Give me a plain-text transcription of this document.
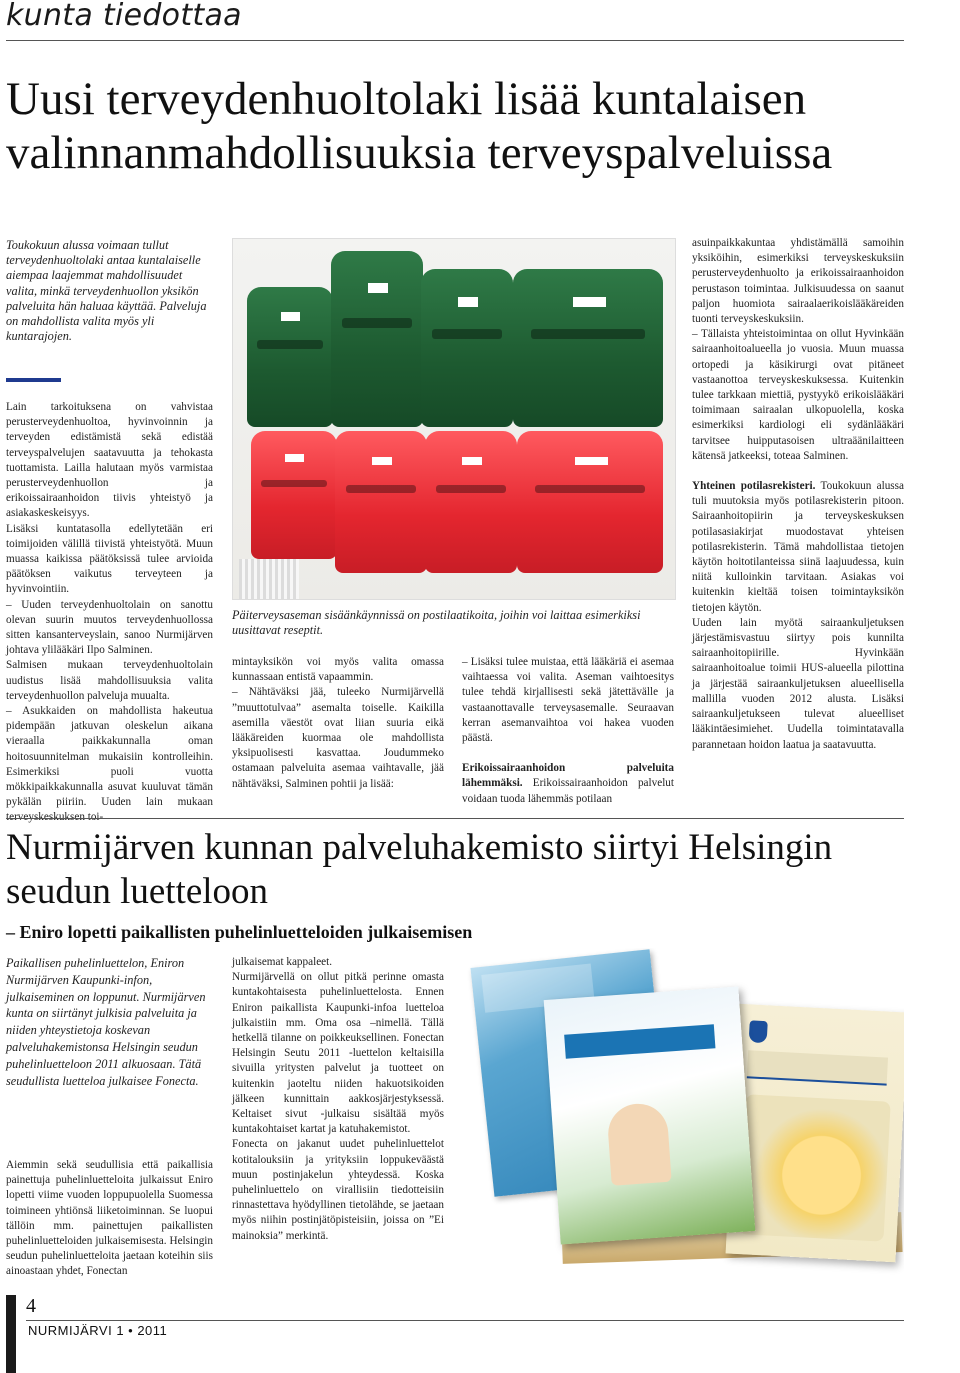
kunta tiedottaa
Uusi terveydenhuoltolaki lisää kuntalaisen valinnanmahdollisuuksia terveyspalveluissa
Toukokuun alussa voimaan tullut terveydenhuoltolaki antaa kuntalaiselle aiempaa laajemmat mahdollisuudet valita, minkä terveydenhuollon yksikön palveluita hän haluaa käyttää. Palveluja on mahdollista valita myös yli kuntarajojen.

Lain tarkoituksena on vahvistaa perusterveydenhuoltoa, hyvinvoinnin ja terveyden edistämistä sekä edistää terveyspalvelujen saatavuutta ja tehokasta tuottamista. Laillа halutaan myös varmistaa perusterveydenhuollon ja erikoissairaanhoidon tiivis yhteistyö ja asiakaskeskeisyys.

Lisäksi kuntatasolla edellytetään eri toimijoiden välillä tiivistä yhteistyötä. Muun muassa kaikissa päätöksissä tulee arvioida päätöksen vaikutus terveyteen ja hyvinvointiin.

– Uuden terveydenhuoltolain on sanottu olevan suurin muutos terveydenhuollossa sitten kansanterveyslain, sanoo Nurmijärven johtava ylilääkäri Ilpo Salminen.

Salmisen mukaan terveydenhuoltolain uudistus lisää mahdollisuuksia valita terveydenhuollon palveluja muualta.

– Asukkaiden on mahdollista hakeutua pidempään jatkuvan oleskelun aikana vieraalla paikkakunnalla oman hoitosuunnitelman mukaisiin kontrolleihin. Esimerkiksi puoli vuotta mökkipaikkakunnalla asuvat kuuluvat tämän pykälän piiriin. Uuden lain mukaan

Päiterveysaseman sisäänkäynnissä on postilaatikoita, joihin voi laittaa esimerkiksi uusittavat reseptit.

mintayksikön voi myös valita omassa kunnassaan entistä vapaammin.

– Nähtäväksi jää, tuleeko Nurmijärvellä ”muuttotulvaa” asemalta toiselle. Kaikilla asemilla väestöt ovat liian suuria eikä lääkäreiden kuormaa ole mahdollista yksipuolisesti kasvattaa. Joudummeko ostamaan palveluita asemaa vaihtavalle, jää nähtäväksi, Salminen pohtii ja lisää:

– Lisäksi tulee muistaa, että lääkäriä ei asemaa vaihtaessa voi valita. Aseman vaihtoesitys tulee tehdä kirjallisesti sekä jätettävälle ja vastaanottavalle terveysasemalle. Seuraavan kerran asemanvaihtoa voi hakea vuoden päästä.

Erikoissairaanhoidon palveluita lähemmäksi. Erikoissairaanhoidon palvelut voidaan tuoda lähemmäs potilaan

asuinpaikkakuntaa yhdistämällä samoihin yksiköihin, esimerkiksi terveyskeskuksiin perusterveydenhuolto ja erikoissairaanhoidon perustason toimintaa. Julkisuudessa on saanut paljon huomiota sairaalaerikoislääkäreiden tuonti terveyskeskuksiin.

– Tällaista yhteistoimintaa on ollut Hyvinkään sairaanhoitoalueella jo vuosia. Muun muassa ortopedi ja käsikirurgi ovat pitäneet vastaanottoa terveyskeskuksessa. Kuitenkin tulee tarkkaan miettiä, pystyykö erikoislääkäri toimimaan sairaalan ulkopuolella, koska esimerkiksi kardiologi eli sydänlääkäri tarvitsee huipputasoisen ultraäänilaitteen kätensä jatkeeksi, toteaa Salminen.

Yhteinen potilasrekisteri. Toukokuun alussa tuli muutoksia myös potilasrekisterin pitoon. Sairaanhoitopiirin ja terveyskeskuksen potilasasiakirjat muodostavat yhteisen potilasrekisterin. Tämä mahdollistaa tietojen käytön hoitotilanteissa siinä laajuudessa, kuin niitä kulloinkin tarvitaan. Asiakas voi kuitenkin kieltää toisen toimintayksikön tietojen käytön.

Uuden lain myötä sairaankuljetuksen järjestämisvastuu siirtyy pois kunnilta sairaanhoitopiirille. Hyvinkään sairaanhoitoalue toimii HUS-alueella pilottina ja järjestää sairaankuljetuksen alueellisella mallilla vuoden 2012 alusta. Lisäksi sairaankuljetukseen tulevat alueelliset lääkintäesimiehet. Uudella toimintatavalla parannetaan hoidon laatua ja saatavuutta.

Nurmijärven kunnan palveluhakemisto siirtyi Helsingin seudun luetteloon
– Eniro lopetti paikallisten puhelinluetteloiden julkaisemisen
Paikallisen puhelinluettelon, Eniron Nurmijärven Kaupunki-infon, julkaiseminen on loppunut. Nurmijärven kunta on siirtänyt julkisia palveluita ja niiden yhteystietoja koskevan palveluhakemistonsa Helsingin seudun puhelinluetteloon 2011 alkuosaan. Tätä seudullista luetteloa julkaisee Fonecta.

Aiemmin sekä seudullisia että paikallisia painettuja puhelinluetteloita julkaissut Eniro lopetti viime vuoden loppupuolella Suomessa toimineen yhtiönsä liiketoiminnan. Se luopui tällöin mm. painettujen paikallisten puhelinluetteloiden julkaisemisesta. Helsingin seudun puhelinluetteloita jaetaan koteihin siis ainoastaan yhdet, Fonectan

julkaisemat kappaleet.

Nurmijärvellä on ollut pitkä perinne omasta kuntakohtaisesta puhelinluettelosta. Ennen Eniron paikallista Kaupunki-infoa luetteloa julkaistiin mm. Oma osa –nimellä. Tällä hetkellä tilanne on poikkeuksellinen. Fonectan Helsingin Seutu 2011 -luettelon keltaisilla sivuilla yritysten palvelut ja tuotteet on kuitenkin jaoteltu niiden hakuotsikoiden jälkeen kunnittain aakkosjärjestyksessä. Keltaiset sivut -julkaisu sisältää myös kuntakohtaiset kartat ja katuhakemistot.

Fonecta on jakanut uudet puhelinluettelot kotitalouksiin ja yrityksiin loppukeväästä muun postinjakelun yhteydessä. Koska puhelinluettelo on virallisiin tiedotteisiin rinnastettava hyödyllinen tietolähde, se jaetaan myös niihin postinjätöpisteisiin, joissa on ”Ei mainoksia” merkintä.

4
NURMIJÄRVI 1 • 2011
